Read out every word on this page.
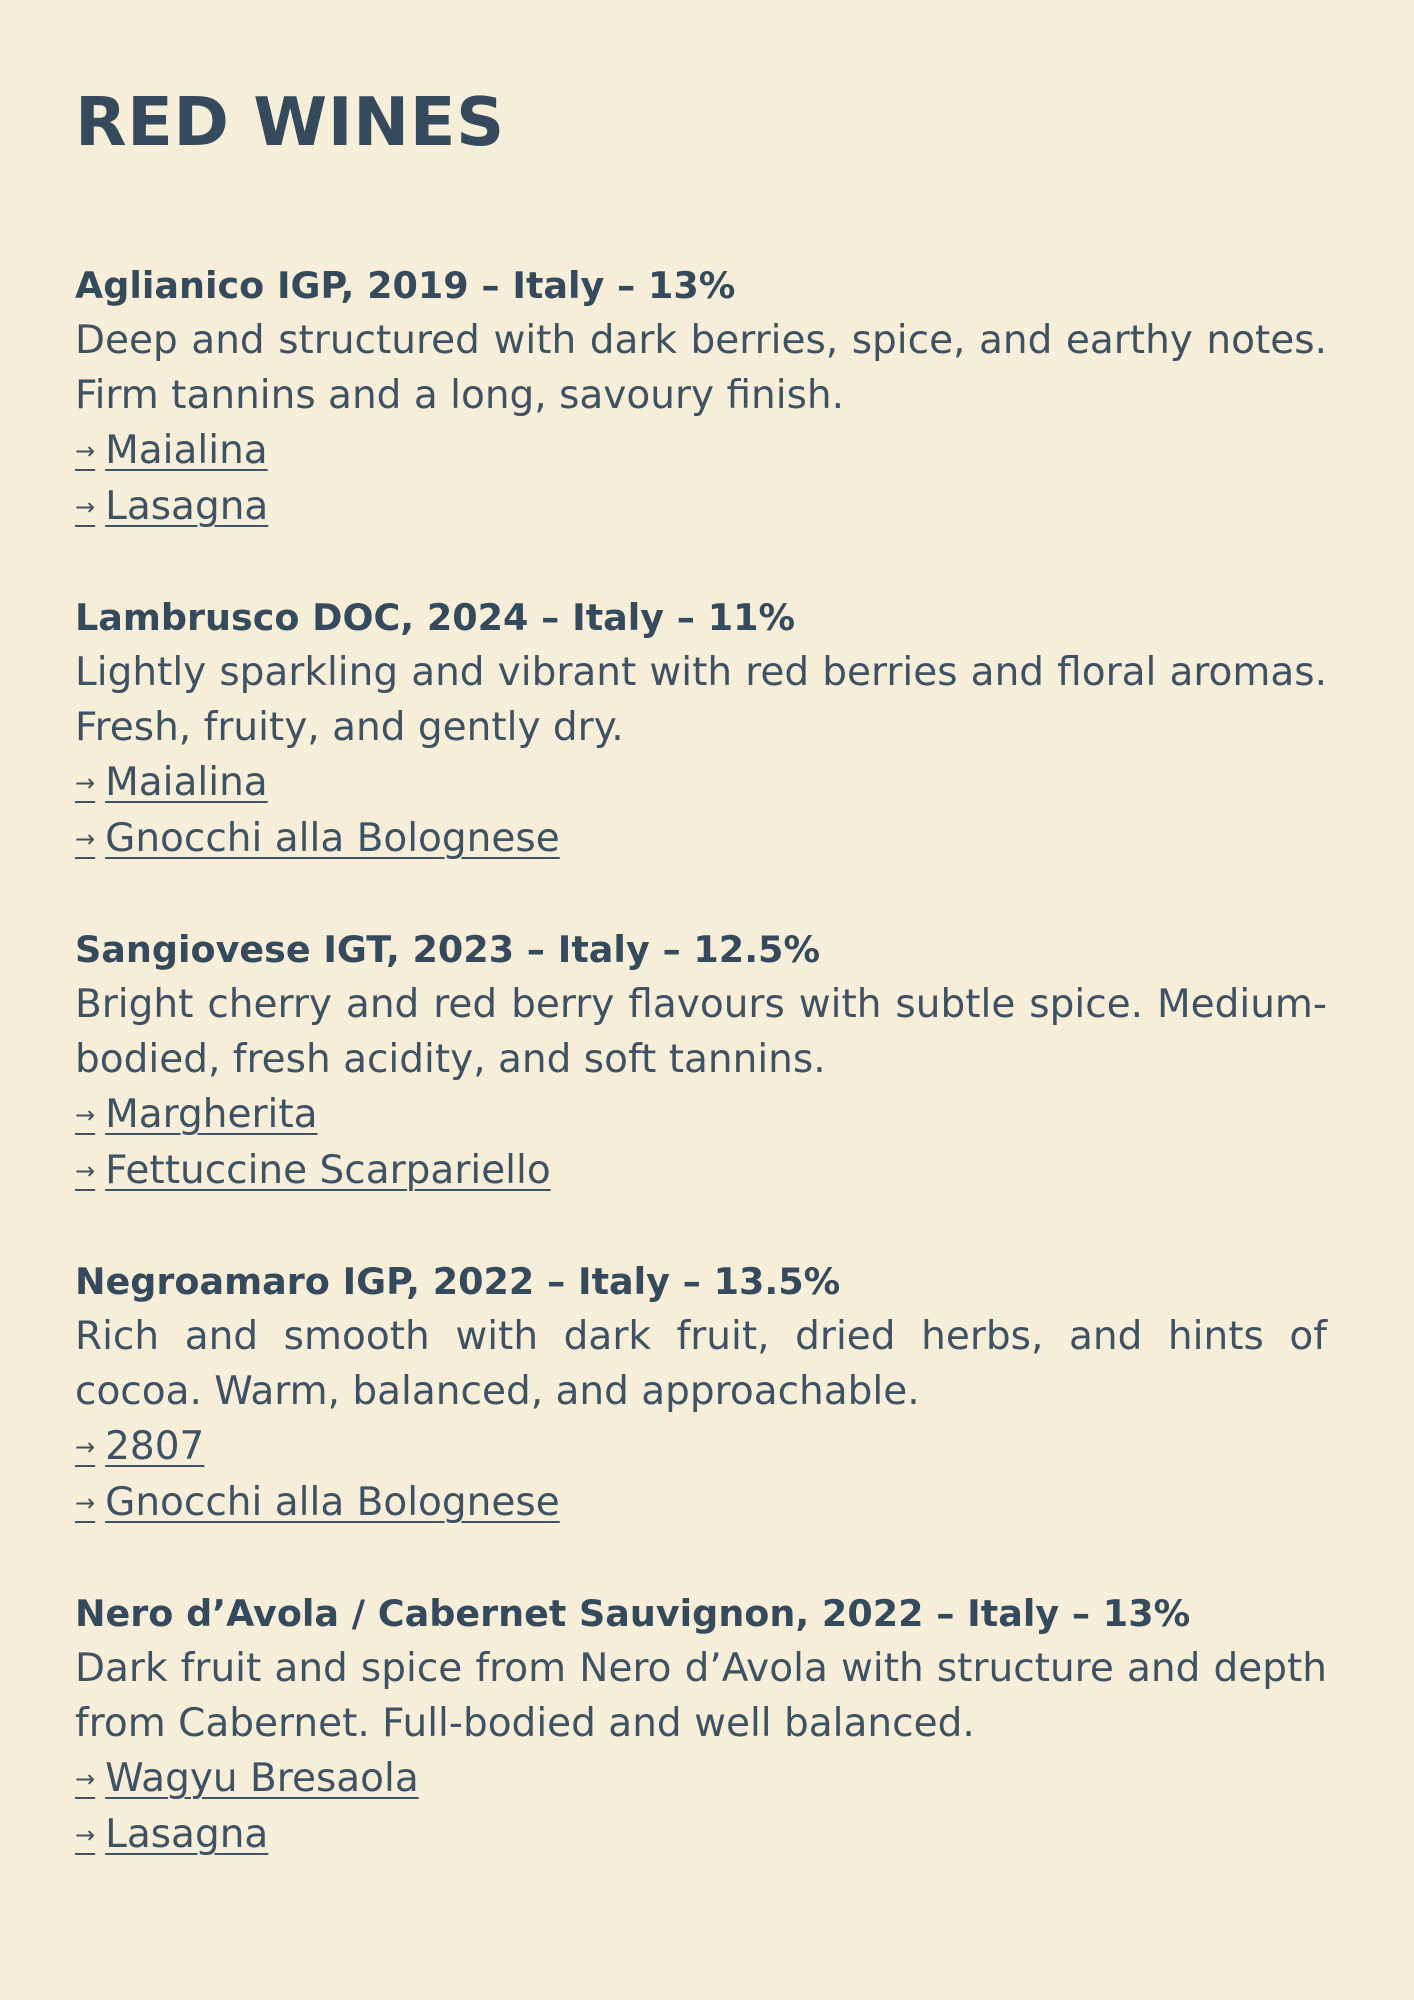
RED WINES
Aglianico IGP, 2019 – Italy – 13%

Deep and structured with dark berries, spice, and earthy notes. Firm tannins and a long, savoury finish.

→ Maialina
→ Lasagna
Lambrusco DOC, 2024 – Italy – 11%

Lightly sparkling and vibrant with red berries and floral aromas. Fresh, fruity, and gently dry.

→ Maialina
→ Gnocchi alla Bolognese
Sangiovese IGT, 2023 – Italy – 12.5%

Bright cherry and red berry flavours with subtle spice. Medium-bodied, fresh acidity, and soft tannins.

→ Margherita
→ Fettuccine Scarpariello
Negroamaro IGP, 2022 – Italy – 13.5%

Rich and smooth with dark fruit, dried herbs, and hints of cocoa. Warm, balanced, and approachable.

→ 2807
→ Gnocchi alla Bolognese
Nero d’Avola / Cabernet Sauvignon, 2022 – Italy – 13%

Dark fruit and spice from Nero d’Avola with structure and depth from Cabernet. Full-bodied and well balanced.

→ Wagyu Bresaola
→ Lasagna
